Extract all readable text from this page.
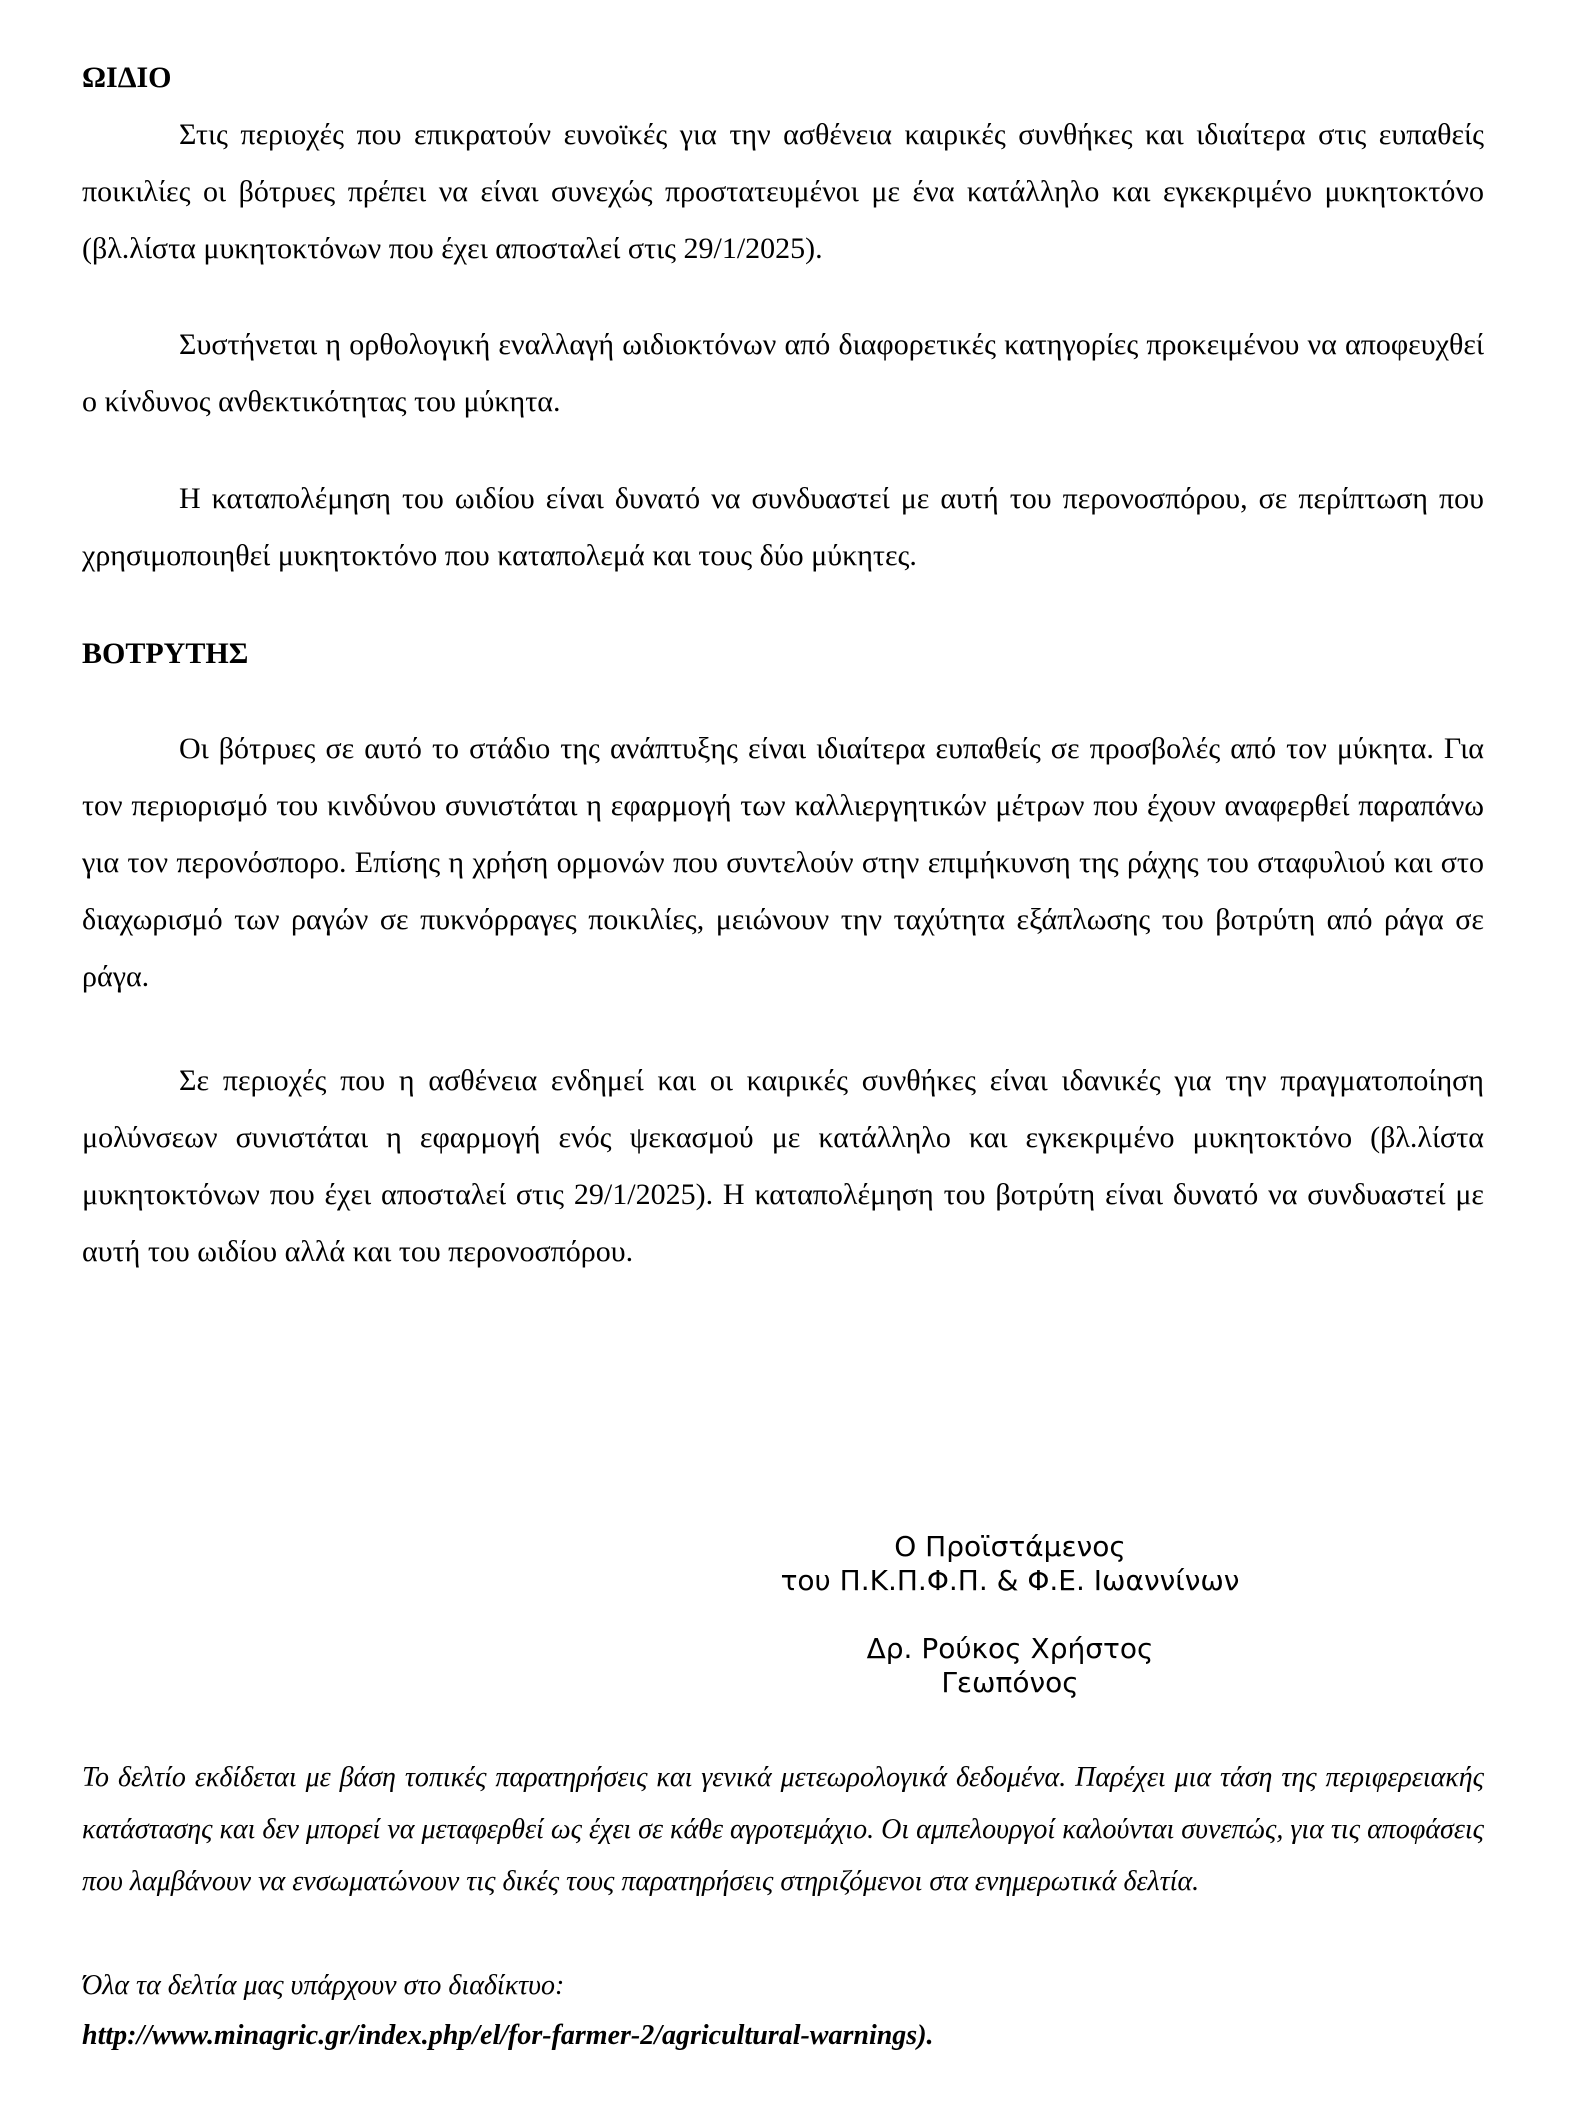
ΩΙΔΙΟ
Στις περιοχές που επικρατούν ευνοϊκές για την ασθένεια καιρικές συνθήκες και ιδιαίτερα στις ευπαθείς ποικιλίες οι βότρυες πρέπει να είναι συνεχώς προστατευμένοι με ένα κατάλληλο και εγκεκριμένο μυκητοκτόνο (βλ.λίστα μυκητοκτόνων που έχει αποσταλεί στις 29/1/2025).
Συστήνεται η ορθολογική εναλλαγή ωιδιοκτόνων από διαφορετικές κατηγορίες προκειμένου να αποφευχθεί ο κίνδυνος ανθεκτικότητας του μύκητα.
Η καταπολέμηση του ωιδίου είναι δυνατό να συνδυαστεί με αυτή του περονοσπόρου, σε περίπτωση που χρησιμοποιηθεί μυκητοκτόνο που καταπολεμά και τους δύο μύκητες.
ΒΟΤΡΥΤΗΣ
Οι βότρυες σε αυτό το στάδιο της ανάπτυξης είναι ιδιαίτερα ευπαθείς σε προσβολές από τον μύκητα. Για τον περιορισμό του κινδύνου συνιστάται η εφαρμογή των καλλιεργητικών μέτρων που έχουν αναφερθεί παραπάνω για τον περονόσπορο. Επίσης η χρήση ορμονών που συντελούν στην επιμήκυνση της ράχης του σταφυλιού και στο διαχωρισμό των ραγών σε πυκνόρραγες ποικιλίες, μειώνουν την ταχύτητα εξάπλωσης του βοτρύτη από ράγα σε ράγα.
Σε περιοχές που η ασθένεια ενδημεί και οι καιρικές συνθήκες είναι ιδανικές για την πραγματοποίηση μολύνσεων συνιστάται η εφαρμογή ενός ψεκασμού με κατάλληλο και εγκεκριμένο μυκητοκτόνο (βλ.λίστα μυκητοκτόνων που έχει αποσταλεί στις 29/1/2025). Η καταπολέμηση του βοτρύτη είναι δυνατό να συνδυαστεί με αυτή του ωιδίου αλλά και του περονοσπόρου.
Ο Προϊστάμενος
του Π.Κ.Π.Φ.Π. & Φ.Ε. Ιωαννίνων
Δρ. Ρούκος Χρήστος
Γεωπόνος
Το δελτίο εκδίδεται με βάση τοπικές παρατηρήσεις και γενικά μετεωρολογικά δεδομένα. Παρέχει μια τάση της περιφερειακής κατάστασης και δεν μπορεί να μεταφερθεί ως έχει σε κάθε αγροτεμάχιο. Οι αμπελουργοί καλούνται συνεπώς, για τις αποφάσεις που λαμβάνουν να ενσωματώνουν τις δικές τους παρατηρήσεις στηριζόμενοι στα ενημερωτικά δελτία.
Όλα τα δελτία μας υπάρχουν στο διαδίκτυο:
http://www.minagric.gr/index.php/el/for-farmer-2/agricultural-warnings).
